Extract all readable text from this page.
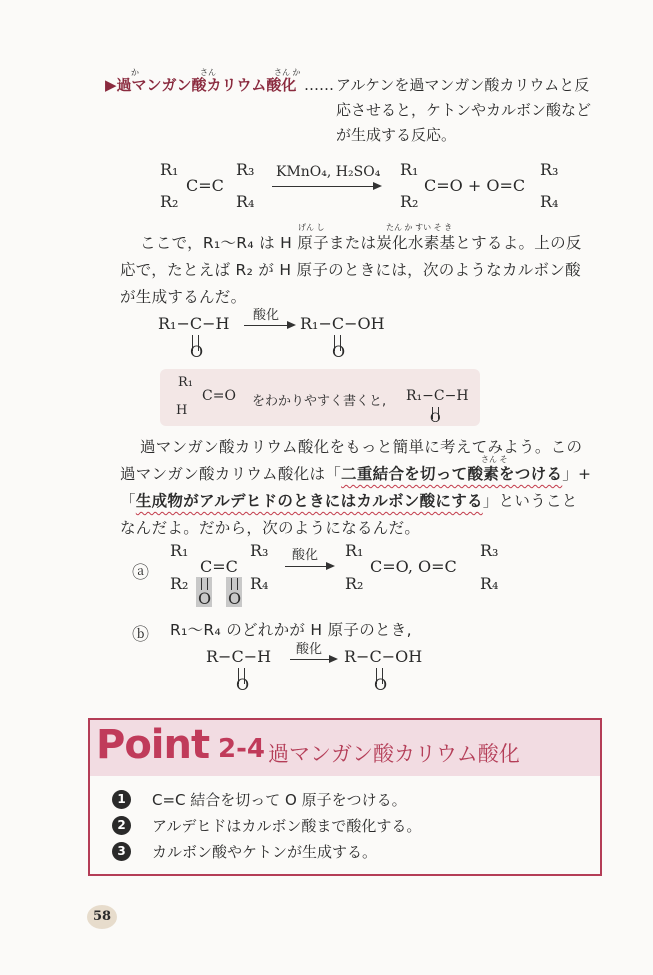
か	さん	さん か
▶過マンガン酸カリウム酸化 …… アルケンを過マンガン酸カリウムと反
応させると，ケトンやカルボン酸など
が生成する反応。
R₁
R₂
R₃
R₄
C=C
KMnO₄, H₂SO₄ R₁
R₂
C=O + O=C
R₃
R₄
げん し	たん か すい そ き
ここで，R₁〜R₄ は H 原子または炭化水素基とするよ。上の反
応で，たとえば R₂ が H 原子のときには，次のようなカルボン酸
が生成するんだ。
R₁−C−H
O
酸化 R₁−C−OH
O
R₁
H
C=O をわかりやすく書くと, R₁−C−H
O
さん そ
過マンガン酸カリウム酸化をもっと簡単に考えてみよう。この
過マンガン酸カリウム酸化は「二重結合を切って酸素をつける」+
「生成物がアルデヒドのときにはカルボン酸にする」ということ
なんだよ。だから，次のようになるんだ。
ⓐ
R₁
R₂
R₃
R₄
C=C
O O
酸化 R₁
R₂
C=O, O=C
R₃
R₄
ⓑ R₁〜R₄ のどれかが H 原子のとき,
R−C−H
O
酸化 R−C−OH
O
Point 2-4 過マンガン酸カリウム酸化
1	C=C 結合を切って O 原子をつける。
2	アルデヒドはカルボン酸まで酸化する。
3	カルボン酸やケトンが生成する。
58
